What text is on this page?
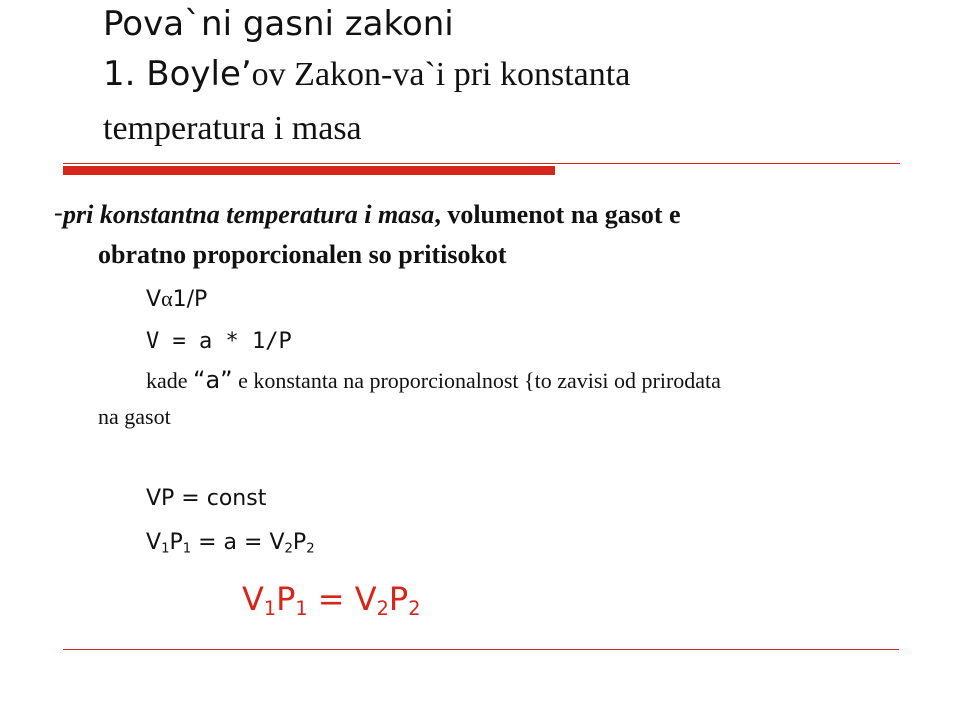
Pova`ni gasni zakoni
1. Boyle’ov Zakon-va`i pri konstanta
temperatura i masa
- pri konstantna temperatura i masa, volumenot na gasot e
obratno proporcionalen so pritisokot
Vα1/P
V = a * 1/P
kade “a” e konstanta na proporcionalnost {to zavisi od prirodata
na gasot
VP = const
$V_1P_1 = a = V_2P_2$
$V_1P_1 = V_2P_2$
